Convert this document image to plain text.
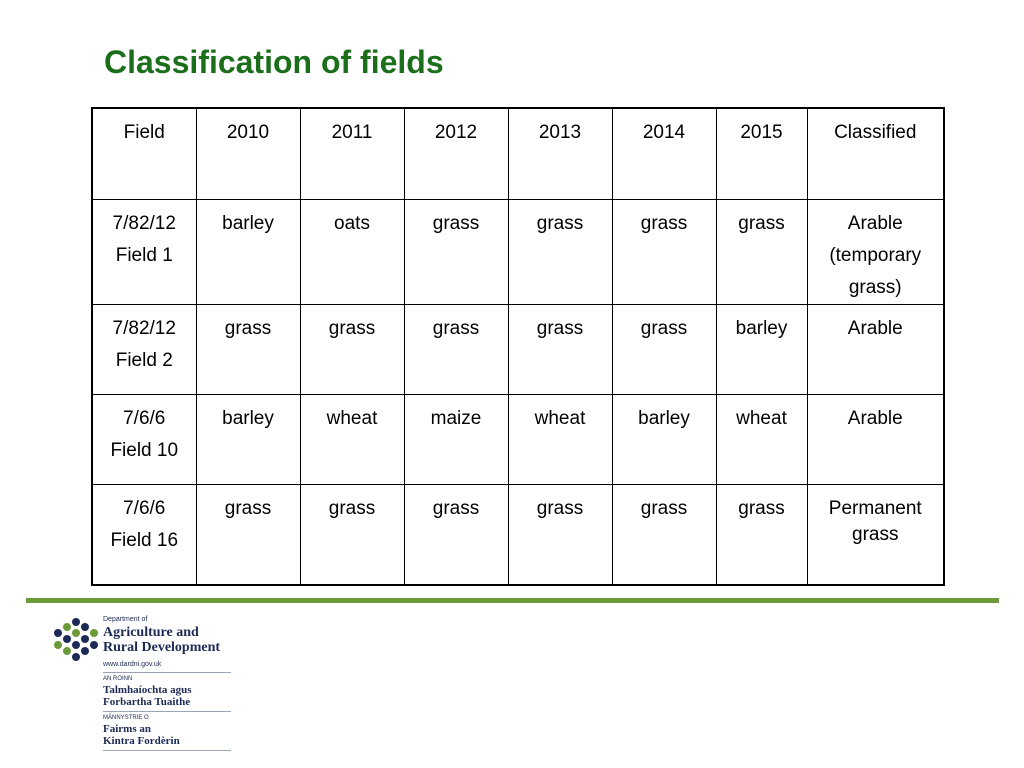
Classification of fields
Field	2010	2011	2012	2013	2014	2015	Classified

7/82/12
Field 1	barley	oats	grass	grass	grass	grass	Arable
(temporary
grass)

7/82/12
Field 2	grass	grass	grass	grass	grass	barley	Arable

7/6/6
Field 10	barley	wheat	maize	wheat	barley	wheat	Arable

7/6/6
Field 16	grass	grass	grass	grass	grass	grass	Permanent
grass
Department of
Agriculture and
Rural Development
www.dardni.gov.uk
AN ROINN
Talmhaíochta agus
Forbartha Tuaithe
MÄNNYSTRIE O
Fairms an
Kintra Fordèrin
